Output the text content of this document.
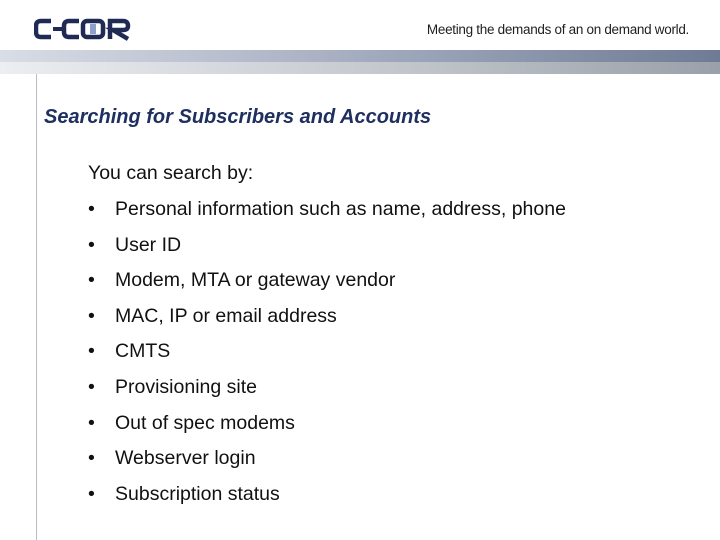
Meeting the demands of an on demand world.
Searching for Subscribers and Accounts
You can search by:
•	Personal information such as name, address, phone
•	User ID
•	Modem, MTA or gateway vendor
•	MAC, IP or email address
•	CMTS
•	Provisioning site
•	Out of spec modems
•	Webserver login
•	Subscription status
